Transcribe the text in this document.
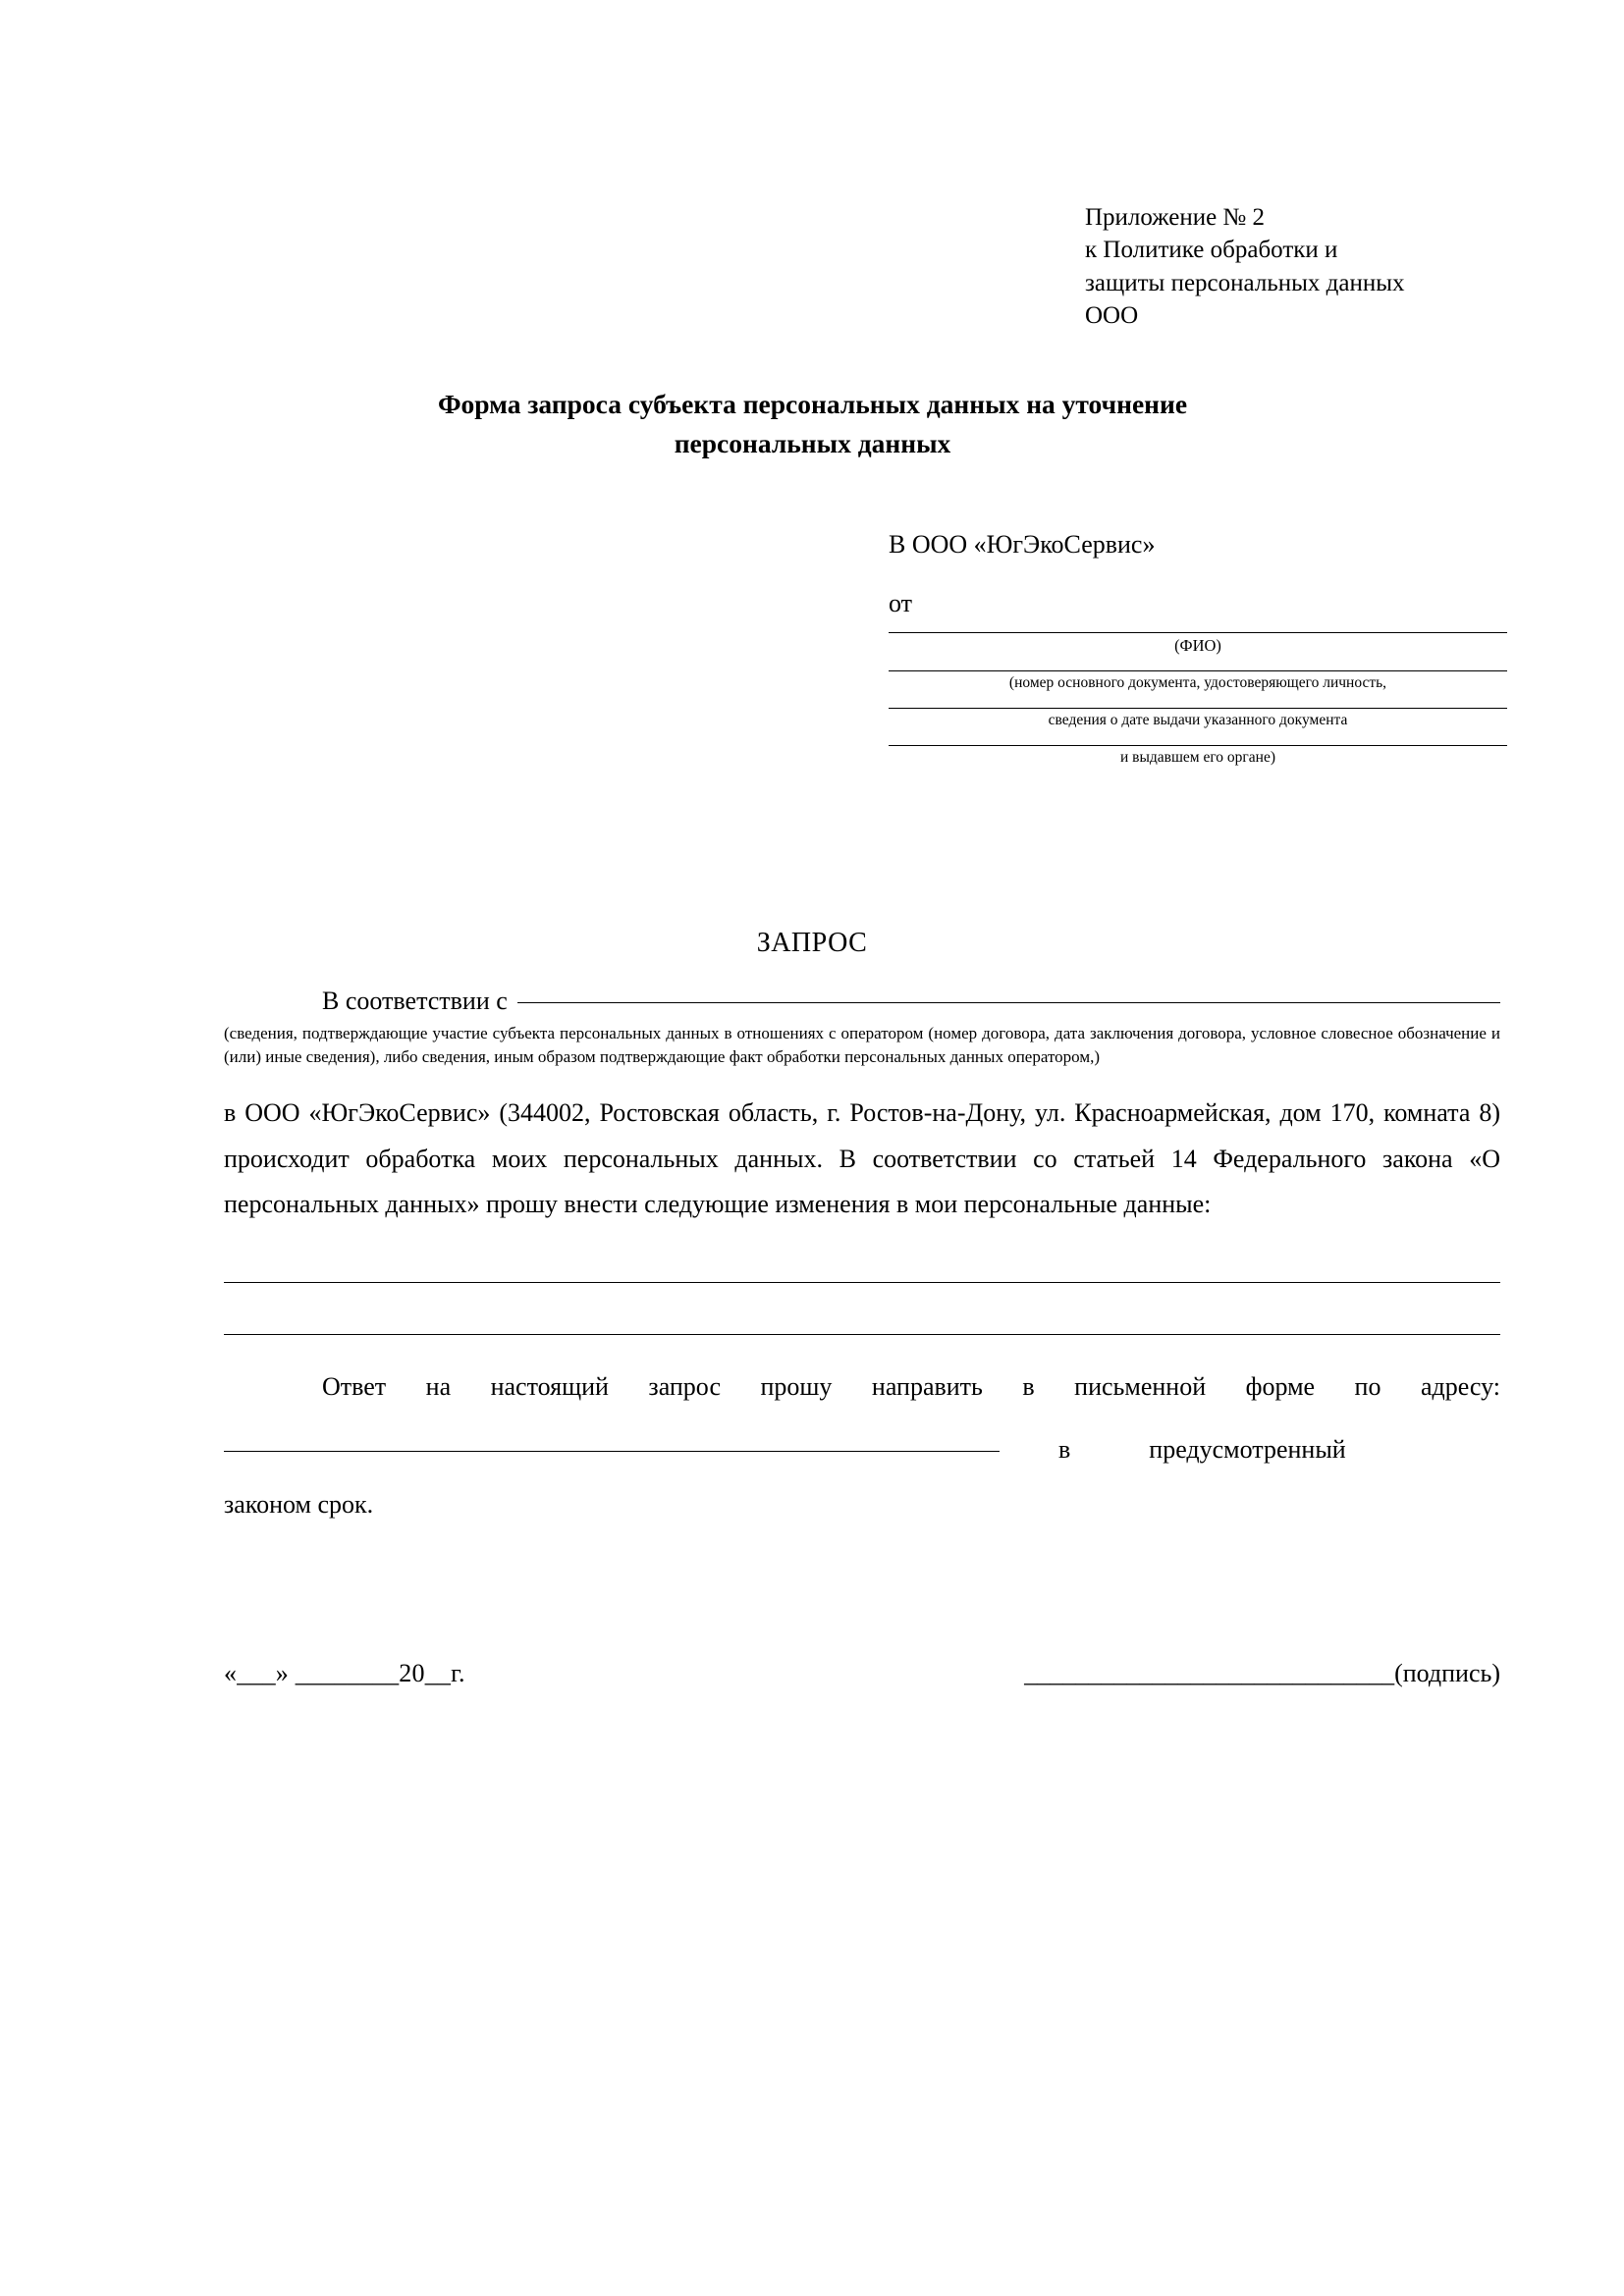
Приложение № 2
к Политике обработки и
защиты персональных данных
ООО
Форма запроса субъекта персональных данных на уточнение
персональных данных
В ООО «ЮгЭкоСервис»
от
(ФИО)
(номер основного документа, удостоверяющего личность,
сведения о дате выдачи указанного документа
и выдавшем его органе)
ЗАПРОС
В соответствии с
(сведения, подтверждающие участие субъекта персональных данных в отношениях с оператором (номер договора, дата заключения договора, условное словесное обозначение и (или) иные сведения), либо сведения, иным образом подтверждающие факт обработки персональных данных оператором,)
в ООО «ЮгЭкоСервис» (344002, Ростовская область, г. Ростов-на-Дону, ул. Красноармейская, дом 170, комната 8) происходит обработка моих персональных данных. В соответствии со статьей 14 Федерального закона «О персональных данных» прошу внести следующие изменения в мои персональные данные:
Ответ на настоящий запрос прошу направить в письменной форме по адресу:
в	предусмотренный
законом срок.
«___» ________20__г.	_____________________________(подпись)
